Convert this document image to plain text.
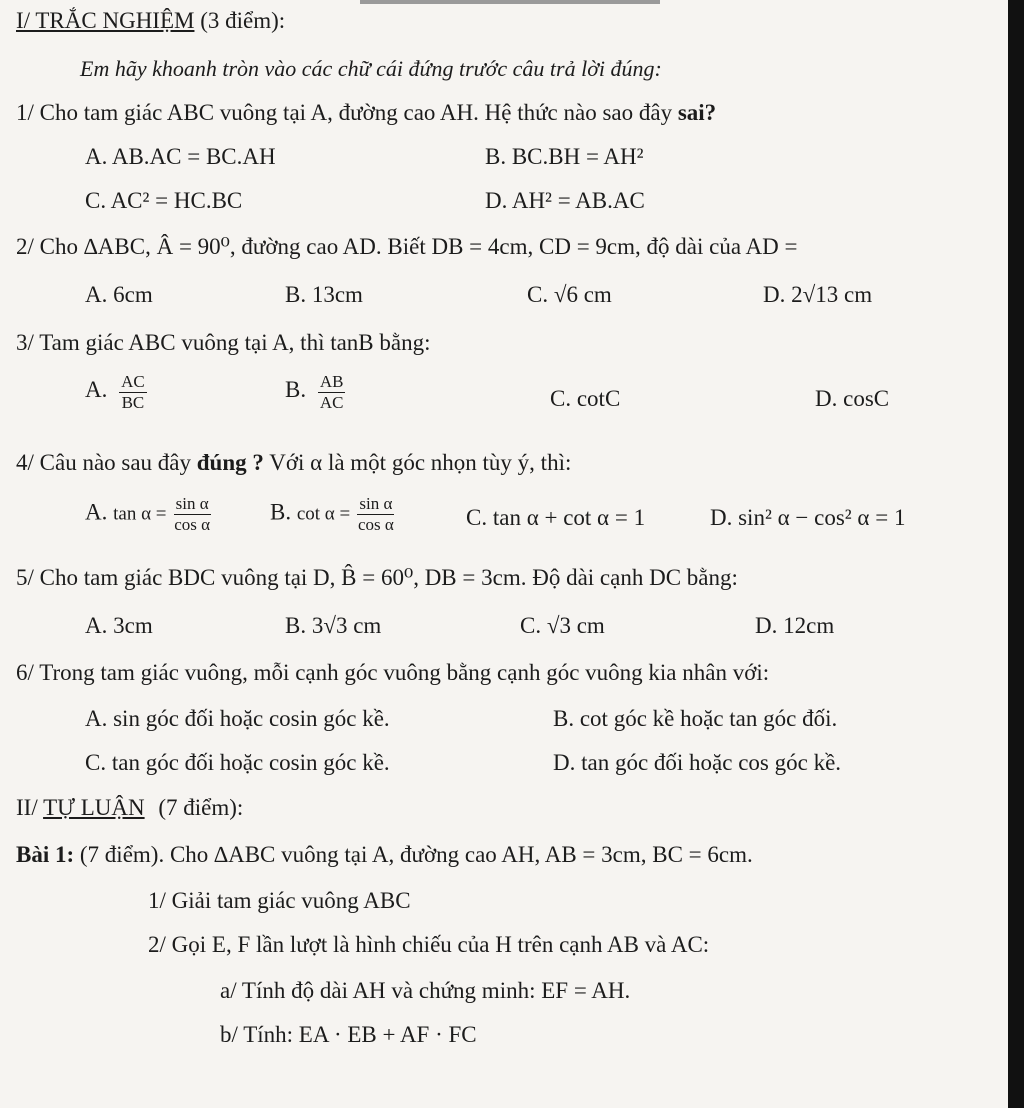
I/ TRẮC NGHIỆM (3 điểm):
Em hãy khoanh tròn vào các chữ cái đứng trước câu trả lời đúng:
1/ Cho tam giác ABC vuông tại A, đường cao AH. Hệ thức nào sao đây sai?
A. AB.AC = BC.AH	B. BC.BH = AH²
C. AC² = HC.BC	D. AH² = AB.AC
2/ Cho ∆ABC, Â = 90⁰, đường cao AD. Biết DB = 4cm, CD = 9cm, độ dài của AD =
A. 6cm	B. 13cm	C. √6 cm	D. 2√13 cm
3/ Tam giác ABC vuông tại A, thì tanB bằng:
A. $\frac{AC}{BC}$	B. $\frac{AB}{AC}$	C. cotC	D. cosC
4/ Câu nào sau đây đúng ? Với α là một góc nhọn tùy ý, thì:
A. $\tan \alpha = \frac{\text{sin α}}{\text{cos α}}$	B. $\cot \alpha = \frac{\text{sin α}}{\text{cos α}}$	C. tan α + cot α = 1	D. sin² α − cos² α = 1
5/ Cho tam giác BDC vuông tại D, B̂ = 60⁰, DB = 3cm. Độ dài cạnh DC bằng:
A. 3cm	B. 3√3 cm	C. √3 cm	D. 12cm
6/ Trong tam giác vuông, mỗi cạnh góc vuông bằng cạnh góc vuông kia nhân với:
A. sin góc đối hoặc cosin góc kề.	B. cot góc kề hoặc tan góc đối.
C. tan góc đối hoặc cosin góc kề.	D. tan góc đối hoặc cos góc kề.
II/ TỰ LUẬN (7 điểm):
Bài 1: (7 điểm). Cho ∆ABC vuông tại A, đường cao AH, AB = 3cm, BC = 6cm.
1/ Giải tam giác vuông ABC
2/ Gọi E, F lần lượt là hình chiếu của H trên cạnh AB và AC:
a/ Tính độ dài AH và chứng minh: EF = AH.
b/ Tính: EA · EB + AF · FC
